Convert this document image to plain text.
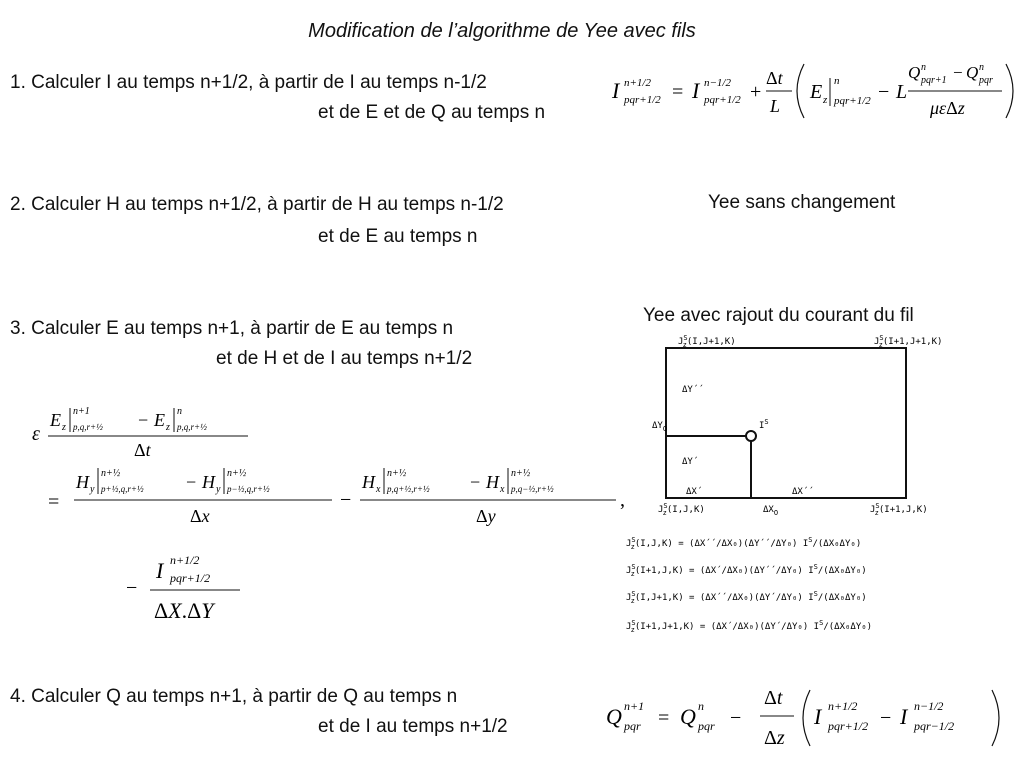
Modification de l’algorithme de Yee avec fils
1. Calculer I au temps n+1/2, à partir de I au temps n-1/2
et de E et de Q au temps n
2. Calculer H au temps n+1/2, à partir de H au temps n-1/2
et de E au temps n
3. Calculer E au temps n+1, à partir de E au temps n
et de H et de I au temps n+1/2
4. Calculer Q au temps n+1, à partir de Q au temps n
et de I au temps n+1/2
Yee sans changement
Yee avec rajout du courant du fil
I n+1/2
pqr+1/2 = I n−1/2
pqr+1/2 +
Δt
L
E z
n
pqr+1/2 − L
Q n
pqr+1 − Q n
pqr
μεΔz
ε
E z
n+1
p,q,r+½ − E z
n
p,q,r+½
Δt
=
H y
n+½
p+½,q,r+½ − H y
n+½
p−½,q,r+½
Δx
−
H x
n+½
p,q+½,r+½ − H x
n+½
p,q−½,r+½
Δy
,
−
I n+1/2
pqr+1/2
ΔX.ΔY
Q n+1
pqr = Q n
pqr −
Δt
Δz
I n+1/2
pqr+1/2 − I n−1/2
pqr−1/2
$J^S$ z(I,J+1,K)	$J^S$ z(I+1,J+1,K)
$J^S$ z(I,J,K)	$J^S$ z(I+1,J,K)
$\Delta Y_O$
ΔY´´
ΔY´
ΔX´	ΔX´´
$\Delta X_O$
$I^S$
$J^S$ z(I,J,K) = (ΔX´´/ΔX₀)(ΔY´´/ΔY₀) $I^S/(\Delta X_0\Delta Y_0)$
$J^S$ z(I+1,J,K) = (ΔX´/ΔX₀)(ΔY´´/ΔY₀) $I^S/(\Delta X_0\Delta Y_0)$
$J^S$ z(I,J+1,K) = (ΔX´´/ΔX₀)(ΔY´/ΔY₀) $I^S/(\Delta X_0\Delta Y_0)$
$J^S$ z(I+1,J+1,K) = (ΔX´/ΔX₀)(ΔY´/ΔY₀) $I^S/(\Delta X_0\Delta Y_0)$
